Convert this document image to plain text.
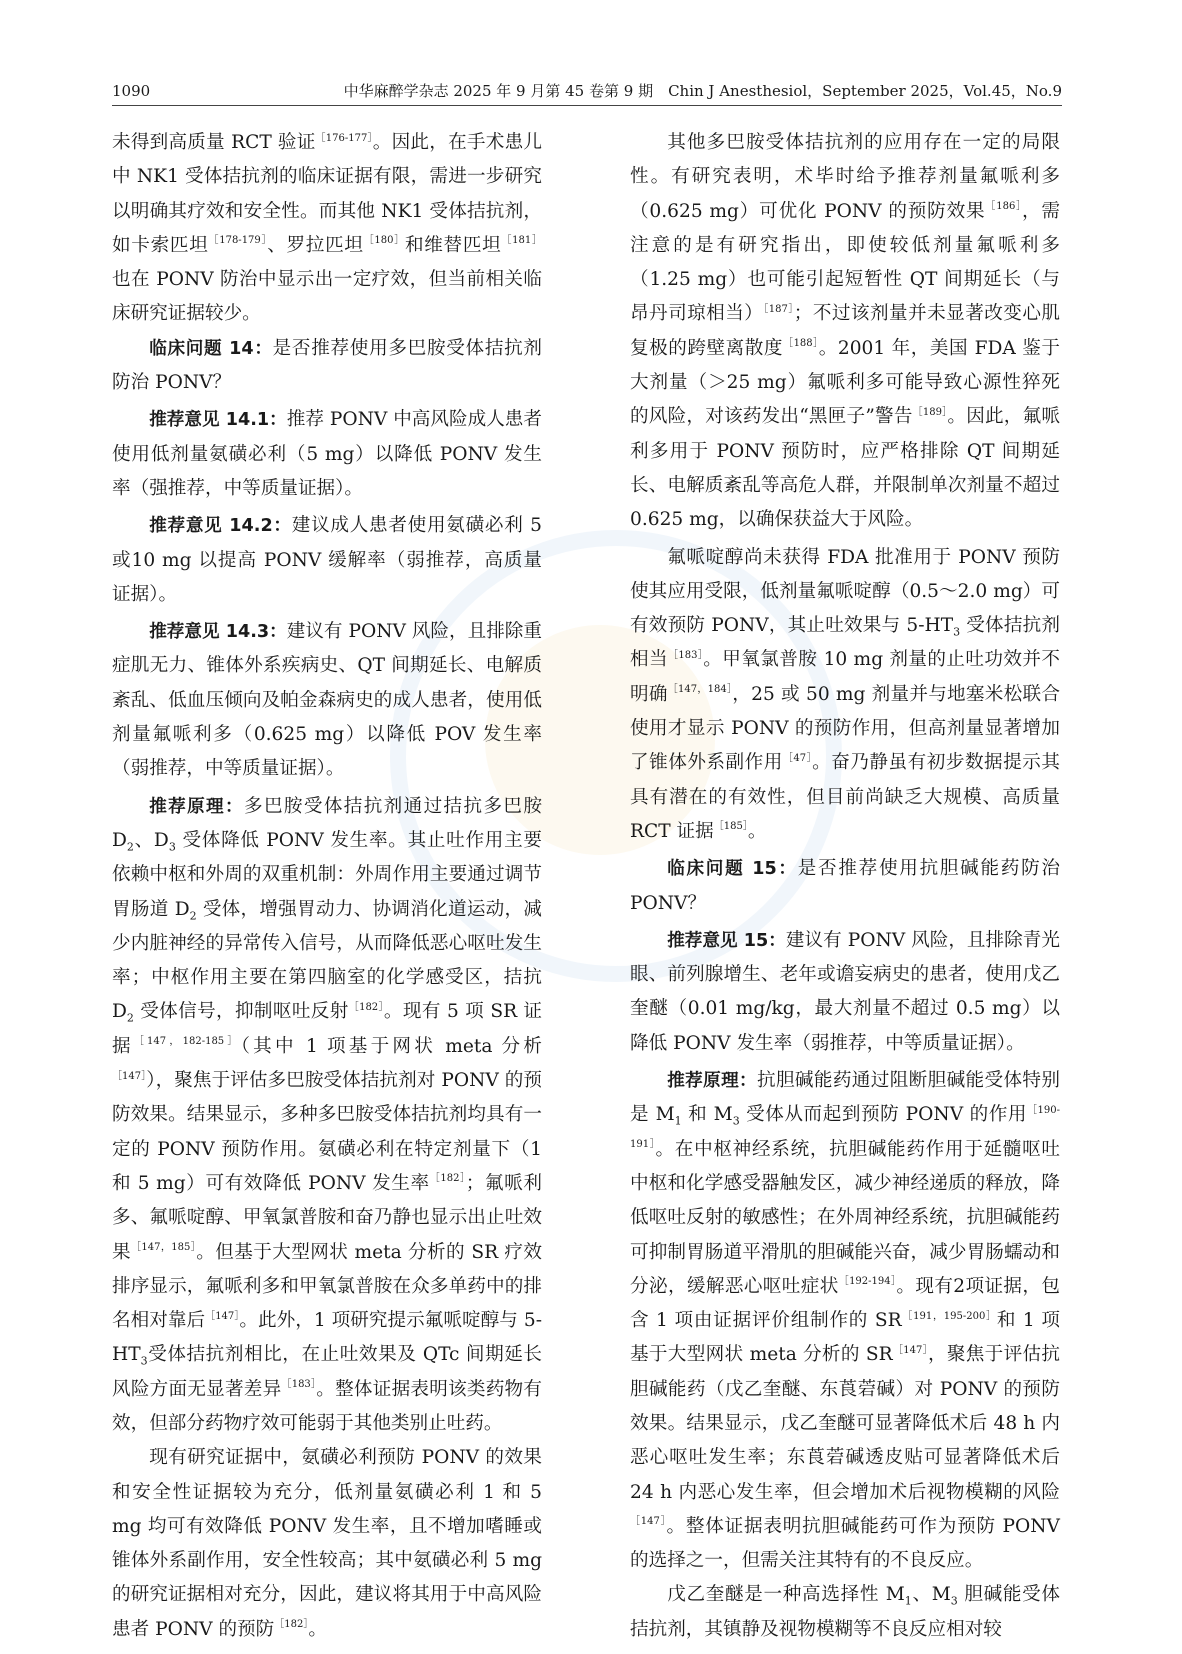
1090	中华麻醉学杂志 2025 年 9 月第 45 卷第 9 期　Chin J Anesthesiol，September 2025，Vol.45，No.9

未得到高质量 RCT 验证$^{[176-177]}$。因此，在手术患儿中 NK1 受体拮抗剂的临床证据有限，需进一步研究以明确其疗效和安全性。而其他 NK1 受体拮抗剂，如卡索匹坦$^{[178-179]}$、罗拉匹坦$^{[180]}$和维替匹坦$^{[181]}$也在 PONV 防治中显示出一定疗效，但当前相关临床研究证据较少。

临床问题 14：是否推荐使用多巴胺受体拮抗剂防治 PONV？

推荐意见 14.1：推荐 PONV 中高风险成人患者使用低剂量氨磺必利（5 mg）以降低 PONV 发生率（强推荐，中等质量证据）。

推荐意见 14.2：建议成人患者使用氨磺必利 5 或10 mg 以提高 PONV 缓解率（弱推荐，高质量证据）。

推荐意见 14.3：建议有 PONV 风险，且排除重症肌无力、锥体外系疾病史、QT 间期延长、电解质紊乱、低血压倾向及帕金森病史的成人患者，使用低剂量氟哌利多（0.625 mg）以降低 POV 发生率（弱推荐，中等质量证据）。

推荐原理：多巴胺受体拮抗剂通过拮抗多巴胺 $D_2$、$D_3$ 受体降低 PONV 发生率。其止吐作用主要依赖中枢和外周的双重机制：外周作用主要通过调节胃肠道 $D_2$ 受体，增强胃动力、协调消化道运动，减少内脏神经的异常传入信号，从而降低恶心呕吐发生率；中枢作用主要在第四脑室的化学感受区，拮抗 $D_2$ 受体信号，抑制呕吐反射$^{[182]}$。现有 5 项 SR 证据$^{[147,182-185]}$（其中 1 项基于网状 meta 分析$^{[147]}$），聚焦于评估多巴胺受体拮抗剂对 PONV 的预防效果。结果显示，多种多巴胺受体拮抗剂均具有一定的 PONV 预防作用。氨磺必利在特定剂量下（1 和 5 mg）可有效降低 PONV 发生率$^{[182]}$；氟哌利多、氟哌啶醇、甲氧氯普胺和奋乃静也显示出止吐效果$^{[147,185]}$。但基于大型网状 meta 分析的 SR 疗效排序显示，氟哌利多和甲氧氯普胺在众多单药中的排名相对靠后$^{[147]}$。此外，1 项研究提示氟哌啶醇与 $5-HT_3$受体拮抗剂相比，在止吐效果及 QTc 间期延长风险方面无显著差异$^{[183]}$。整体证据表明该类药物有效，但部分药物疗效可能弱于其他类别止吐药。

现有研究证据中，氨磺必利预防 PONV 的效果和安全性证据较为充分，低剂量氨磺必利 1 和 5 mg 均可有效降低 PONV 发生率，且不增加嗜睡或锥体外系副作用，安全性较高；其中氨磺必利 5 mg 的研究证据相对充分，因此，建议将其用于中高风险患者 PONV 的预防$^{[182]}$。

其他多巴胺受体拮抗剂的应用存在一定的局限性。有研究表明，术毕时给予推荐剂量氟哌利多（0.625 mg）可优化 PONV 的预防效果$^{[186]}$，需注意的是有研究指出，即使较低剂量氟哌利多（1.25 mg）也可能引起短暂性 QT 间期延长（与昂丹司琼相当）$^{[187]}$；不过该剂量并未显著改变心肌复极的跨壁离散度$^{[188]}$。2001 年，美国 FDA 鉴于大剂量（＞25 mg）氟哌利多可能导致心源性猝死的风险，对该药发出“黑匣子”警告$^{[189]}$。因此，氟哌利多用于 PONV 预防时，应严格排除 QT 间期延长、电解质紊乱等高危人群，并限制单次剂量不超过 0.625 mg，以确保获益大于风险。

氟哌啶醇尚未获得 FDA 批准用于 PONV 预防使其应用受限，低剂量氟哌啶醇（0.5～2.0 mg）可有效预防 PONV，其止吐效果与 $5-HT_3$ 受体拮抗剂相当$^{[183]}$。甲氧氯普胺 10 mg 剂量的止吐功效并不明确$^{[147,184]}$，25 或 50 mg 剂量并与地塞米松联合使用才显示 PONV 的预防作用，但高剂量显著增加了锥体外系副作用$^{[47]}$。奋乃静虽有初步数据提示其具有潜在的有效性，但目前尚缺乏大规模、高质量 RCT 证据$^{[185]}$。

临床问题 15：是否推荐使用抗胆碱能药防治 PONV？

推荐意见 15：建议有 PONV 风险，且排除青光眼、前列腺增生、老年或谵妄病史的患者，使用戊乙奎醚（0.01 mg/kg，最大剂量不超过 0.5 mg）以降低 PONV 发生率（弱推荐，中等质量证据）。

推荐原理：抗胆碱能药通过阻断胆碱能受体特别是 $M_1$ 和 $M_3$ 受体从而起到预防 PONV 的作用$^{[190-191]}$。在中枢神经系统，抗胆碱能药作用于延髓呕吐中枢和化学感受器触发区，减少神经递质的释放，降低呕吐反射的敏感性；在外周神经系统，抗胆碱能药可抑制胃肠道平滑肌的胆碱能兴奋，减少胃肠蠕动和分泌，缓解恶心呕吐症状$^{[192-194]}$。现有2项证据，包含 1 项由证据评价组制作的 $SR^{[191,195-200]}$和 1 项基于大型网状 meta 分析的 $SR^{[147]}$，聚焦于评估抗胆碱能药（戊乙奎醚、东莨菪碱）对 PONV 的预防效果。结果显示，戊乙奎醚可显著降低术后 48 h 内恶心呕吐发生率；东莨菪碱透皮贴可显著降低术后 24 h 内恶心发生率，但会增加术后视物模糊的风险$^{[147]}$。整体证据表明抗胆碱能药可作为预防 PONV 的选择之一，但需关注其特有的不良反应。

戊乙奎醚是一种高选择性 $M_1$、$M_3$ 胆碱能受体拮抗剂，其镇静及视物模糊等不良反应相对较
